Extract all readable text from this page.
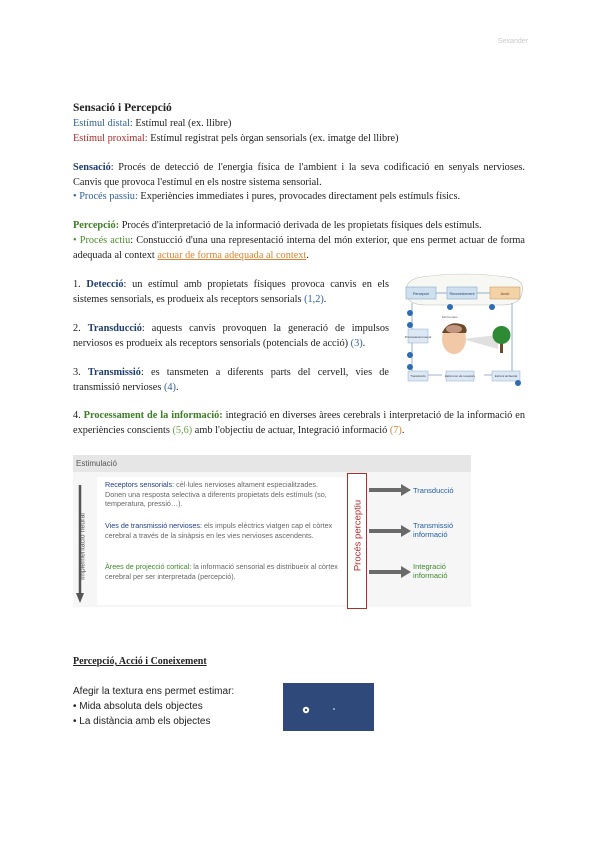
Sexander
Sensació i Percepció
Estímul distal: Estímul real (ex. llibre)
Estímul proximal: Estímul registrat pels òrgan sensorials (ex. imatge del llibre)
Sensació: Procés de detecció de l'energia física de l'ambient i la seva codificació en senyals nervioses. Canvis que provoca l'estímul en els nostre sistema sensorial.
• Procés passiu: Experiències immediates i pures, provocades directament pels estímuls físics.
Percepció: Procés d'interpretació de la informació derivada de les propietats físiques dels estímuls.
• Procés actiu: Constucció d'una una representació interna del món exterior, que ens permet actuar de forma adequada al context actuar de forma adequada al context.
1. Detecció: un estímul amb propietats físiques provoca canvis en els sistemes sensorials, es produeix als receptors sensorials (1,2).
2. Transducció: aquests canvis provoquen la generació de impulsos nerviosos es produeix als receptors sensorials (potencials de acció) (3).
3. Transmissió: es tansmeten a diferents parts del cervell, vies de transmissió nervioses (4).
4. Processament de la informació: integració en diverses àrees cerebrals i interpretació de la informació en experiències conscients (5,6) amb l'objectiu de actuar, Integració informació (7).
Percepció	Reconeixement	Acció
Processament neural
Transducció	Estímul en els receptors	Estímul ambiental
Estímul atès
Estimulació
Implementació neural
Receptors sensorials: cèl·lules nervioses altament especialitzades. Donen una resposta selectiva a diferents propietats dels estímuls (so, temperatura, pressió…).
Vies de transmissió nervioses: els impuls elèctrics viatgen cap el còrtex cerebral a través de la sinàpsis en les vies nervioses ascendents.
Àrees de projecció cortical: la informació sensorial es distribueix al còrtex cerebral per ser interpretada (percepció).
Procés perceptiu
Transducció
Transmissió informació
Integració informació
Percepció, Acció i Coneixement
Afegir la textura ens permet estimar:
• Mida absoluta dels objectes
• La distància amb els objectes
